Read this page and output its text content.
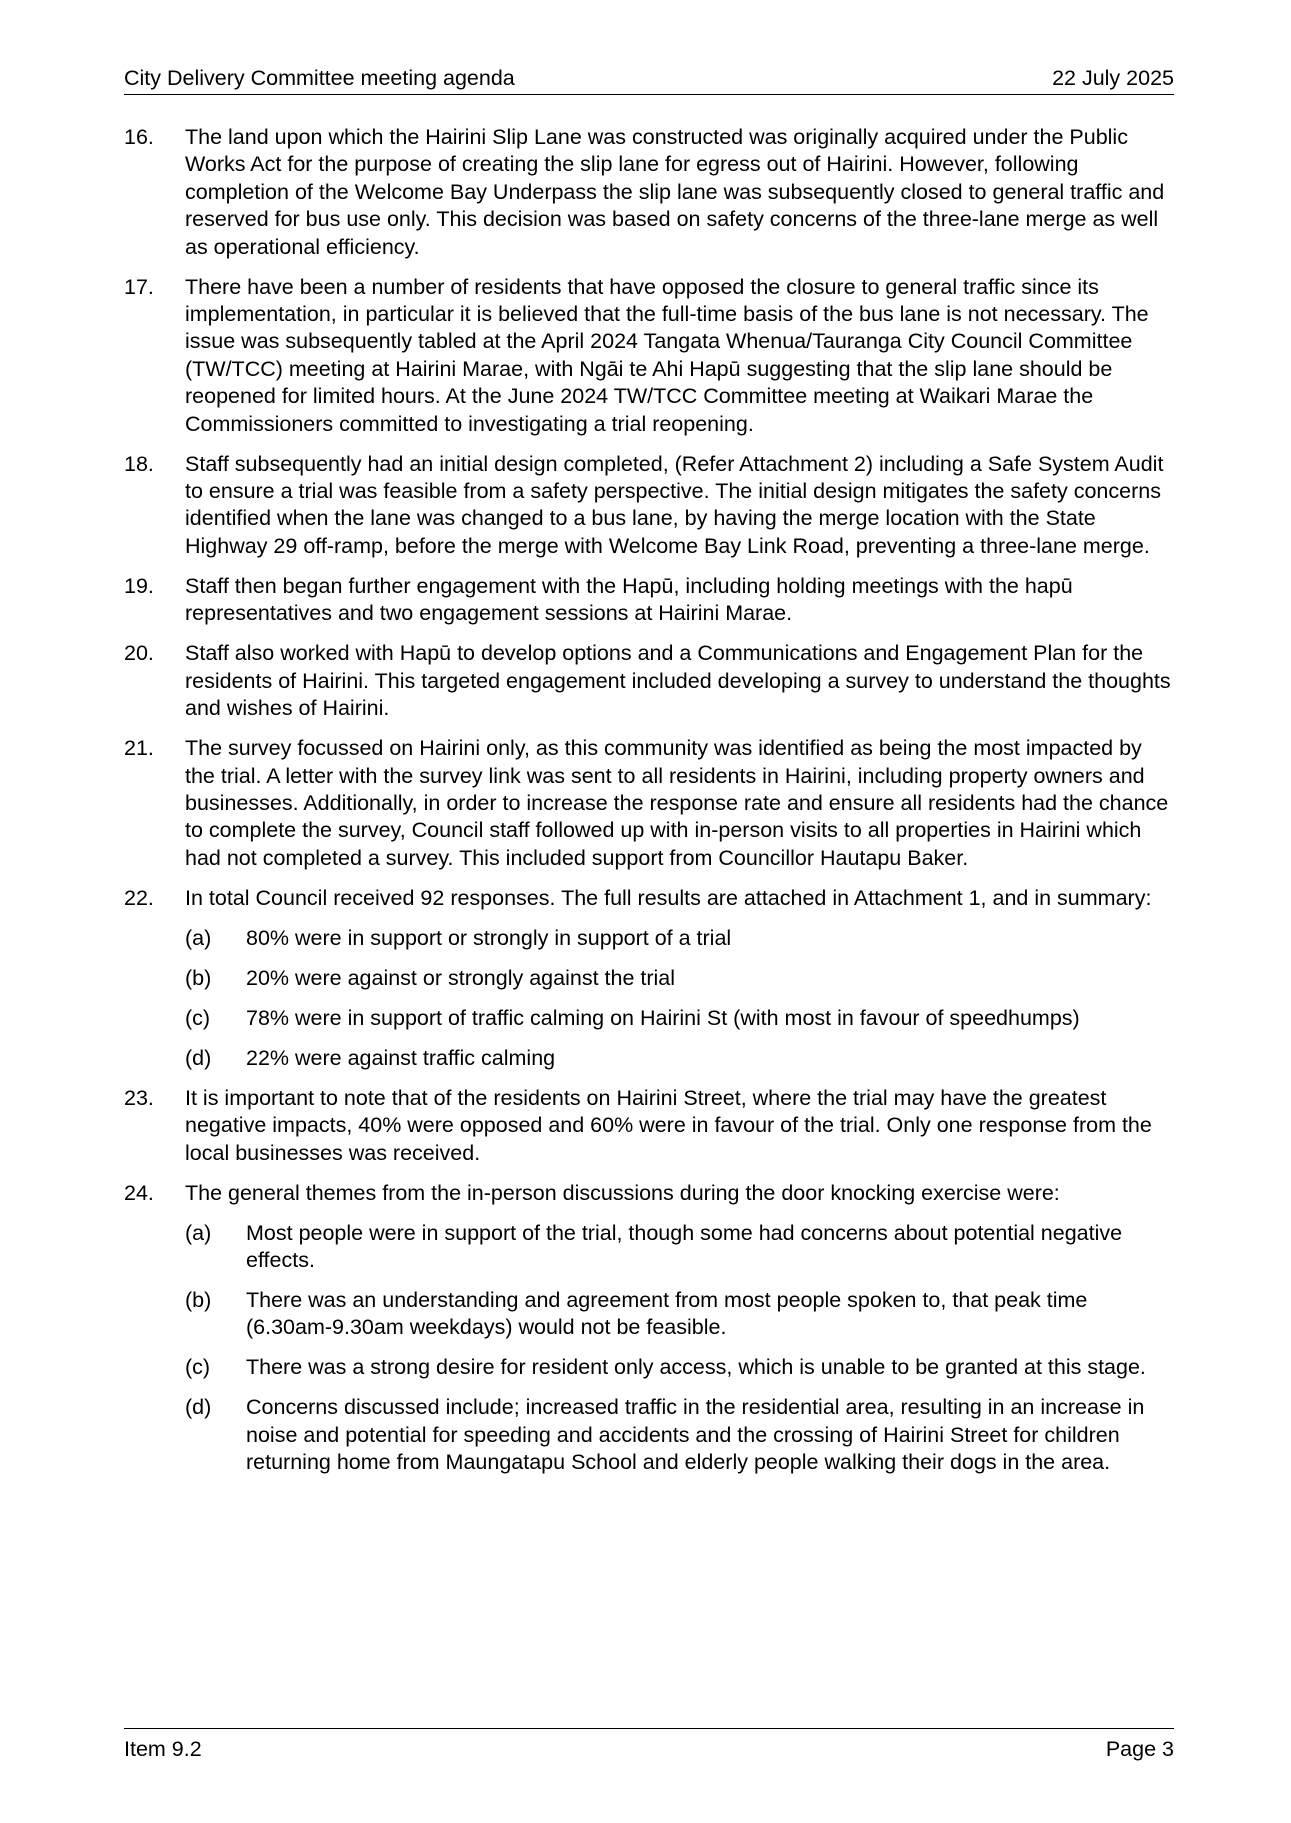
City Delivery Committee meeting agenda	22 July 2025
16. The land upon which the Hairini Slip Lane was constructed was originally acquired under the Public Works Act for the purpose of creating the slip lane for egress out of Hairini. However, following completion of the Welcome Bay Underpass the slip lane was subsequently closed to general traffic and reserved for bus use only. This decision was based on safety concerns of the three-lane merge as well as operational efficiency.
17. There have been a number of residents that have opposed the closure to general traffic since its implementation, in particular it is believed that the full-time basis of the bus lane is not necessary. The issue was subsequently tabled at the April 2024 Tangata Whenua/Tauranga City Council Committee (TW/TCC) meeting at Hairini Marae, with Ngāi te Ahi Hapū suggesting that the slip lane should be reopened for limited hours. At the June 2024 TW/TCC Committee meeting at Waikari Marae the Commissioners committed to investigating a trial reopening.
18. Staff subsequently had an initial design completed, (Refer Attachment 2) including a Safe System Audit to ensure a trial was feasible from a safety perspective. The initial design mitigates the safety concerns identified when the lane was changed to a bus lane, by having the merge location with the State Highway 29 off-ramp, before the merge with Welcome Bay Link Road, preventing a three-lane merge.
19. Staff then began further engagement with the Hapū, including holding meetings with the hapū representatives and two engagement sessions at Hairini Marae.
20. Staff also worked with Hapū to develop options and a Communications and Engagement Plan for the residents of Hairini. This targeted engagement included developing a survey to understand the thoughts and wishes of Hairini.
21. The survey focussed on Hairini only, as this community was identified as being the most impacted by the trial. A letter with the survey link was sent to all residents in Hairini, including property owners and businesses. Additionally, in order to increase the response rate and ensure all residents had the chance to complete the survey, Council staff followed up with in-person visits to all properties in Hairini which had not completed a survey. This included support from Councillor Hautapu Baker.
22. In total Council received 92 responses. The full results are attached in Attachment 1, and in summary:
(a) 80% were in support or strongly in support of a trial
(b) 20% were against or strongly against the trial
(c) 78% were in support of traffic calming on Hairini St (with most in favour of speedhumps)
(d) 22% were against traffic calming
23. It is important to note that of the residents on Hairini Street, where the trial may have the greatest negative impacts, 40% were opposed and 60% were in favour of the trial. Only one response from the local businesses was received.
24. The general themes from the in-person discussions during the door knocking exercise were:
(a) Most people were in support of the trial, though some had concerns about potential negative effects.
(b) There was an understanding and agreement from most people spoken to, that peak time (6.30am-9.30am weekdays) would not be feasible.
(c) There was a strong desire for resident only access, which is unable to be granted at this stage.
(d) Concerns discussed include; increased traffic in the residential area, resulting in an increase in noise and potential for speeding and accidents and the crossing of Hairini Street for children returning home from Maungatapu School and elderly people walking their dogs in the area.
Item 9.2	Page 3
